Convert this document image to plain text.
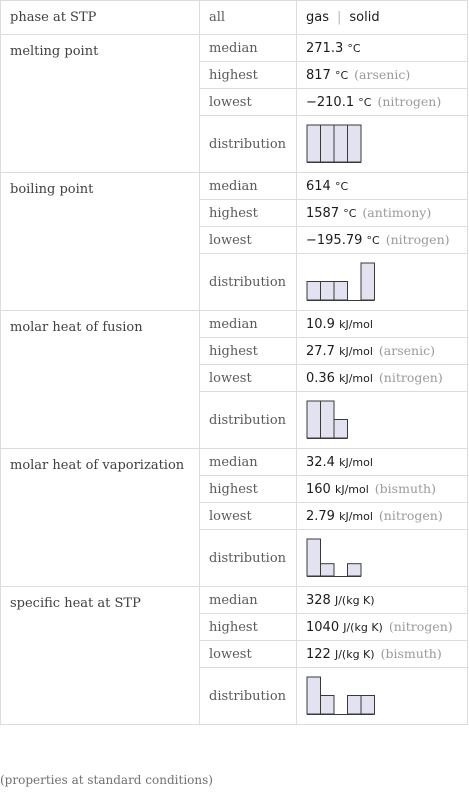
phase at STP	all	gas | solid
melting point	median	271.3 °C
	highest	817 °C (arsenic)
	lowest	−210.1 °C (nitrogen)
	distribution	

boiling point	median	614 °C
	highest	1587 °C (antimony)
	lowest	−195.79 °C (nitrogen)
	distribution	

molar heat of fusion	median	10.9 kJ/mol
	highest	27.7 kJ/mol (arsenic)
	lowest	0.36 kJ/mol (nitrogen)
	distribution	

molar heat of vaporization	median	32.4 kJ/mol
	highest	160 kJ/mol (bismuth)
	lowest	2.79 kJ/mol (nitrogen)
	distribution	

specific heat at STP	median	328 J/(kg K)
	highest	1040 J/(kg K) (nitrogen)
	lowest	122 J/(kg K) (bismuth)
	distribution	
(properties at standard conditions)
